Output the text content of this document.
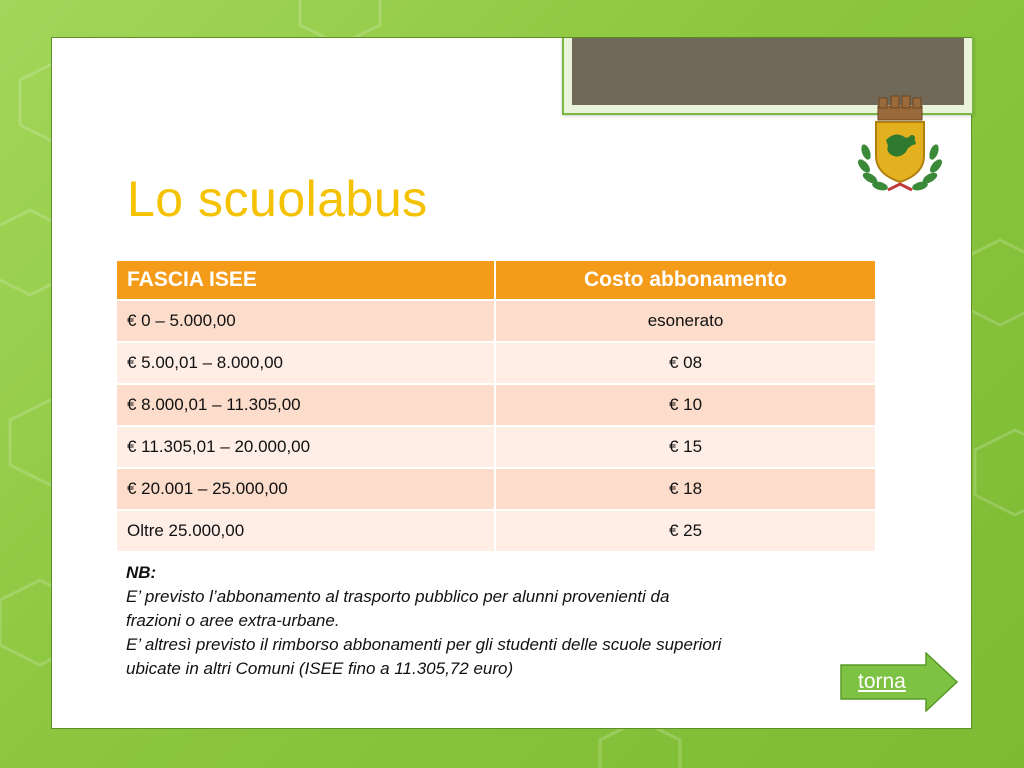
Lo scuolabus
FASCIA ISEE	Costo abbonamento
€ 0 – 5.000,00	esonerato
€ 5.00,01 – 8.000,00	€ 08
€ 8.000,01 – 11.305,00	€ 10
€ 11.305,01 – 20.000,00	€ 15
€ 20.001 – 25.000,00	€ 18
Oltre 25.000,00	€ 25
NB:
E’ previsto l’abbonamento al trasporto pubblico per alunni provenienti da
frazioni o aree extra-urbane.
E’ altresì previsto il rimborso abbonamenti per gli studenti delle scuole superiori
ubicate in altri Comuni (ISEE fino a 11.305,72 euro)
torna
